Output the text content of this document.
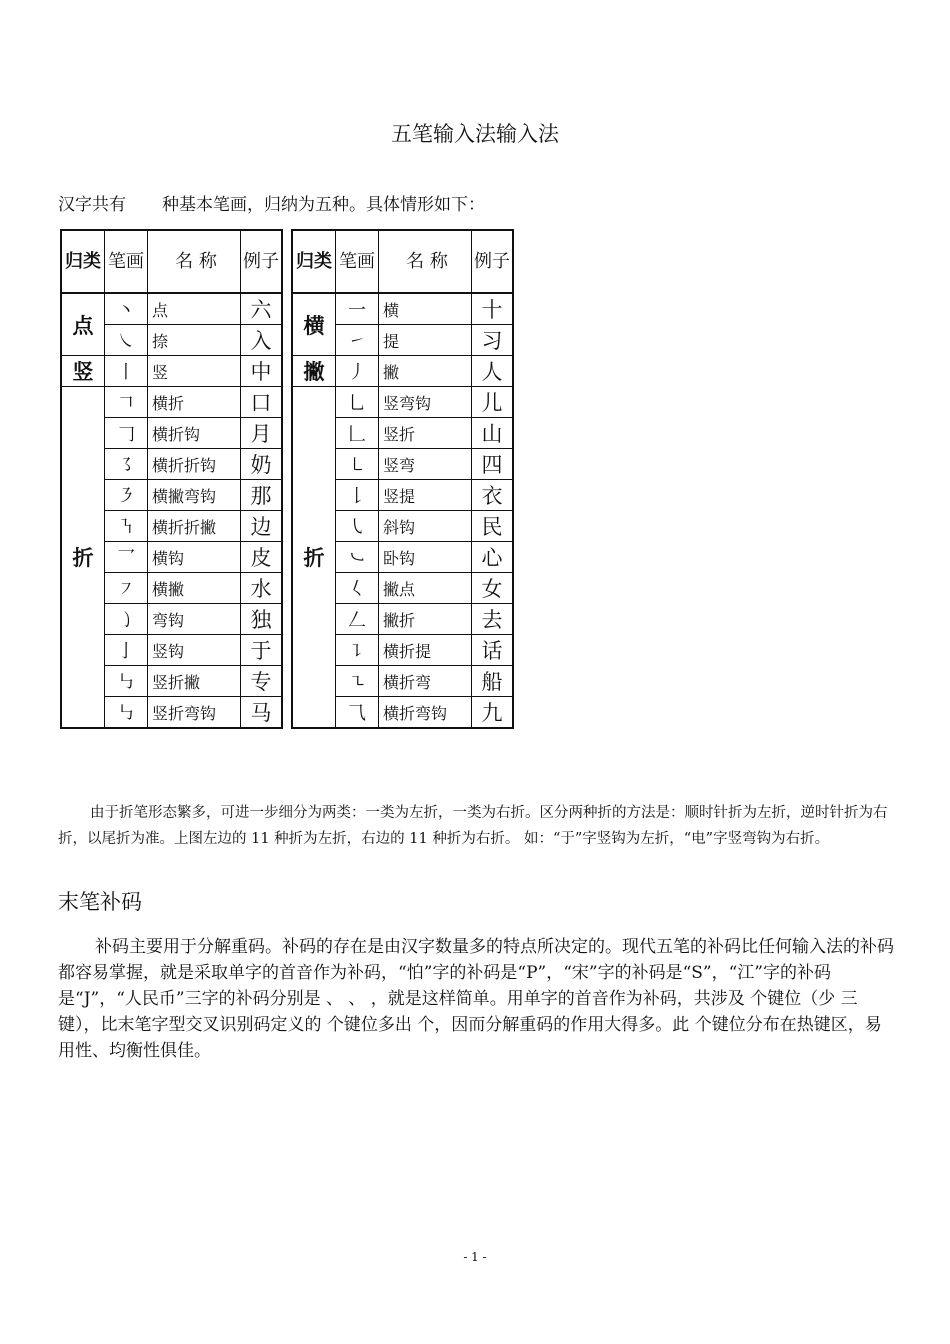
五笔输入法输入法
汉字共有 种基本笔画，归纳为五种。具体情形如下：
归类	笔画	名 称	例子
点	丶	点	六
	㇏	捺	入
竖	丨	竖	中
折	𠃍	横折	口
	𠃌	横折钩	月
	㇌	横折折钩	奶
	㇋	横撇弯钩	那
	㇎	横折折撇	边
	乛	横钩	皮
	㇇	横撇	水
	㇁	弯钩	独
	亅	竖钩	于
	㇉	竖折撇	专
	㇉	竖折弯钩	马
归类	笔画	名 称	例子
横	一	横	十
	㇀	提	习
撇	丿	撇	人
折	乚	竖弯钩	儿
	𠃊	竖折	山
	㇄	竖弯	四
	𠄌	竖提	衣
	㇂	斜钩	民
	㇃	卧钩	心
	𡿨	撇点	女
	𠃋	撇折	去
	㇊	横折提	话
	㇍	横折弯	船
	⺄	横折弯钩	九
由于折笔形态繁多，可进一步细分为两类：一类为左折，一类为右折。区分两种折的方法是：顺时针折为左折，逆时针折为右折，以尾折为准。上图左边的 11 种折为左折，右边的 11 种折为右折。 如：“于”字竖钩为左折，“电”字竖弯钩为右折。
末笔补码
补码主要用于分解重码。补码的存在是由汉字数量多的特点所决定的。现代五笔的补码比任何输入法的补码都容易掌握，就是采取单字的首音作为补码，“怕”字的补码是“P”，“宋”字的补码是“S”，“江”字的补码是“J”，“人民币”三字的补码分别是 、 、 ，就是这样简单。用单字的首音作为补码，共涉及 个键位（少 三键），比末笔字型交叉识别码定义的 个键位多出 个，因而分解重码的作用大得多。此 个键位分布在热键区，易用性、均衡性俱佳。
- 1 -
